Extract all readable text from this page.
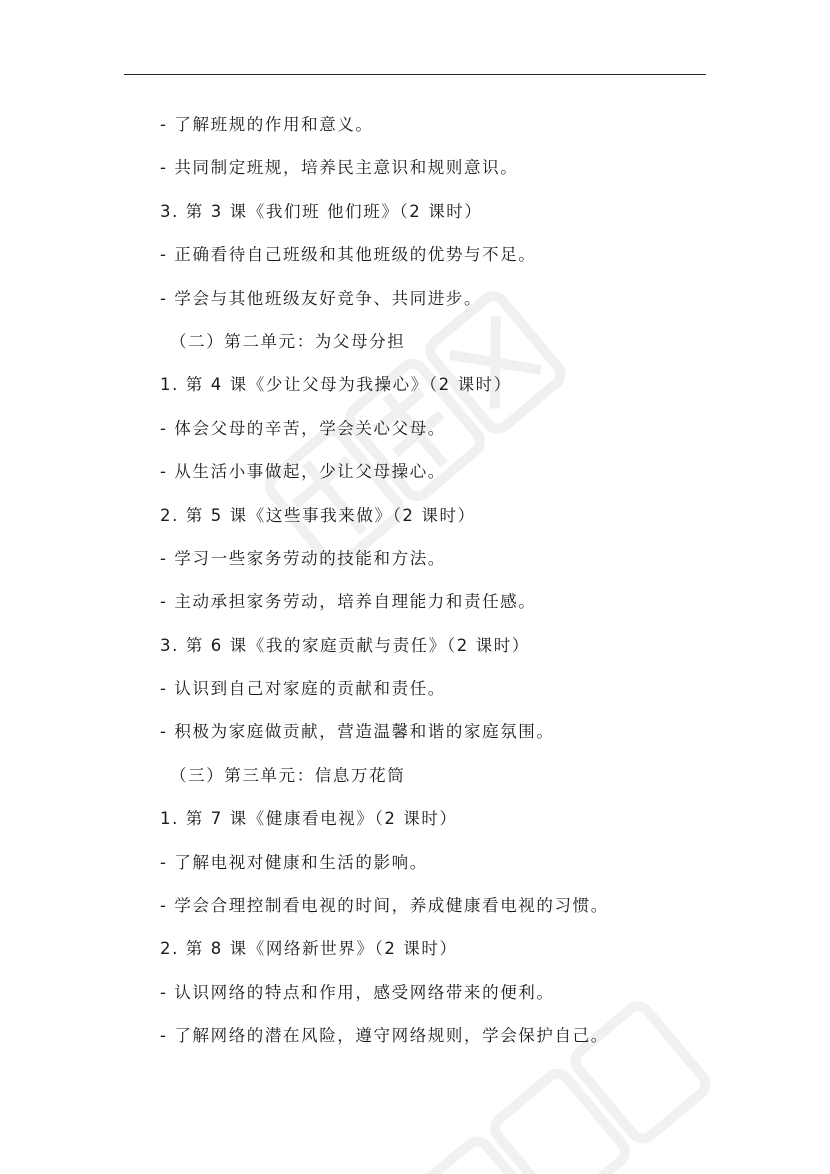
- 了解班规的作用和意义。
- 共同制定班规，培养民主意识和规则意识。
3. 第 3 课《我们班 他们班》（2 课时）
- 正确看待自己班级和其他班级的优势与不足。
- 学会与其他班级友好竞争、共同进步。
（二）第二单元：为父母分担
1. 第 4 课《少让父母为我操心》（2 课时）
- 体会父母的辛苦，学会关心父母。
- 从生活小事做起，少让父母操心。
2. 第 5 课《这些事我来做》（2 课时）
- 学习一些家务劳动的技能和方法。
- 主动承担家务劳动，培养自理能力和责任感。
3. 第 6 课《我的家庭贡献与责任》（2 课时）
- 认识到自己对家庭的贡献和责任。
- 积极为家庭做贡献，营造温馨和谐的家庭氛围。
（三）第三单元：信息万花筒
1. 第 7 课《健康看电视》（2 课时）
- 了解电视对健康和生活的影响。
- 学会合理控制看电视的时间，养成健康看电视的习惯。
2. 第 8 课《网络新世界》（2 课时）
- 认识网络的特点和作用，感受网络带来的便利。
- 了解网络的潜在风险，遵守网络规则，学会保护自己。
